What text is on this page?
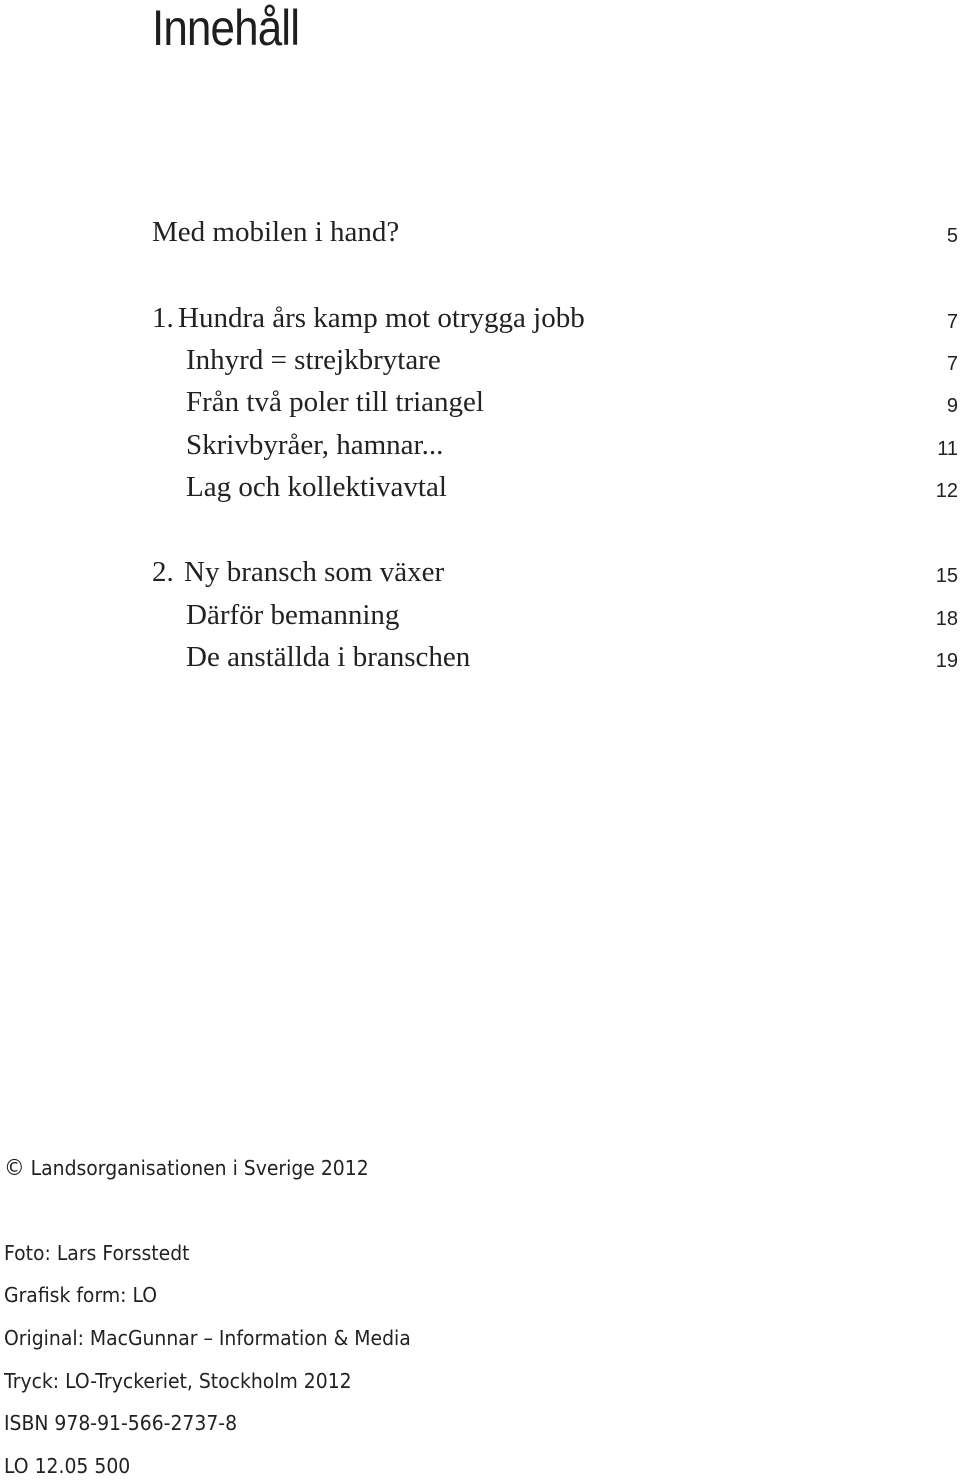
Innehåll
Med mobilen i hand?	5
1. Hundra års kamp mot otrygga jobb	7
Inhyrd = strejkbrytare	7
Från två poler till triangel	9
Skrivbyråer, hamnar...	11
Lag och kollektivavtal	12
2. Ny bransch som växer	15
Därför bemanning	18
De anställda i branschen	19
© Landsorganisationen i Sverige 2012
Foto: Lars Forsstedt
Grafisk form: LO
Original: MacGunnar – Information & Media
Tryck: LO-Tryckeriet, Stockholm 2012
ISBN 978-91-566-2737-8
LO 12.05 500
